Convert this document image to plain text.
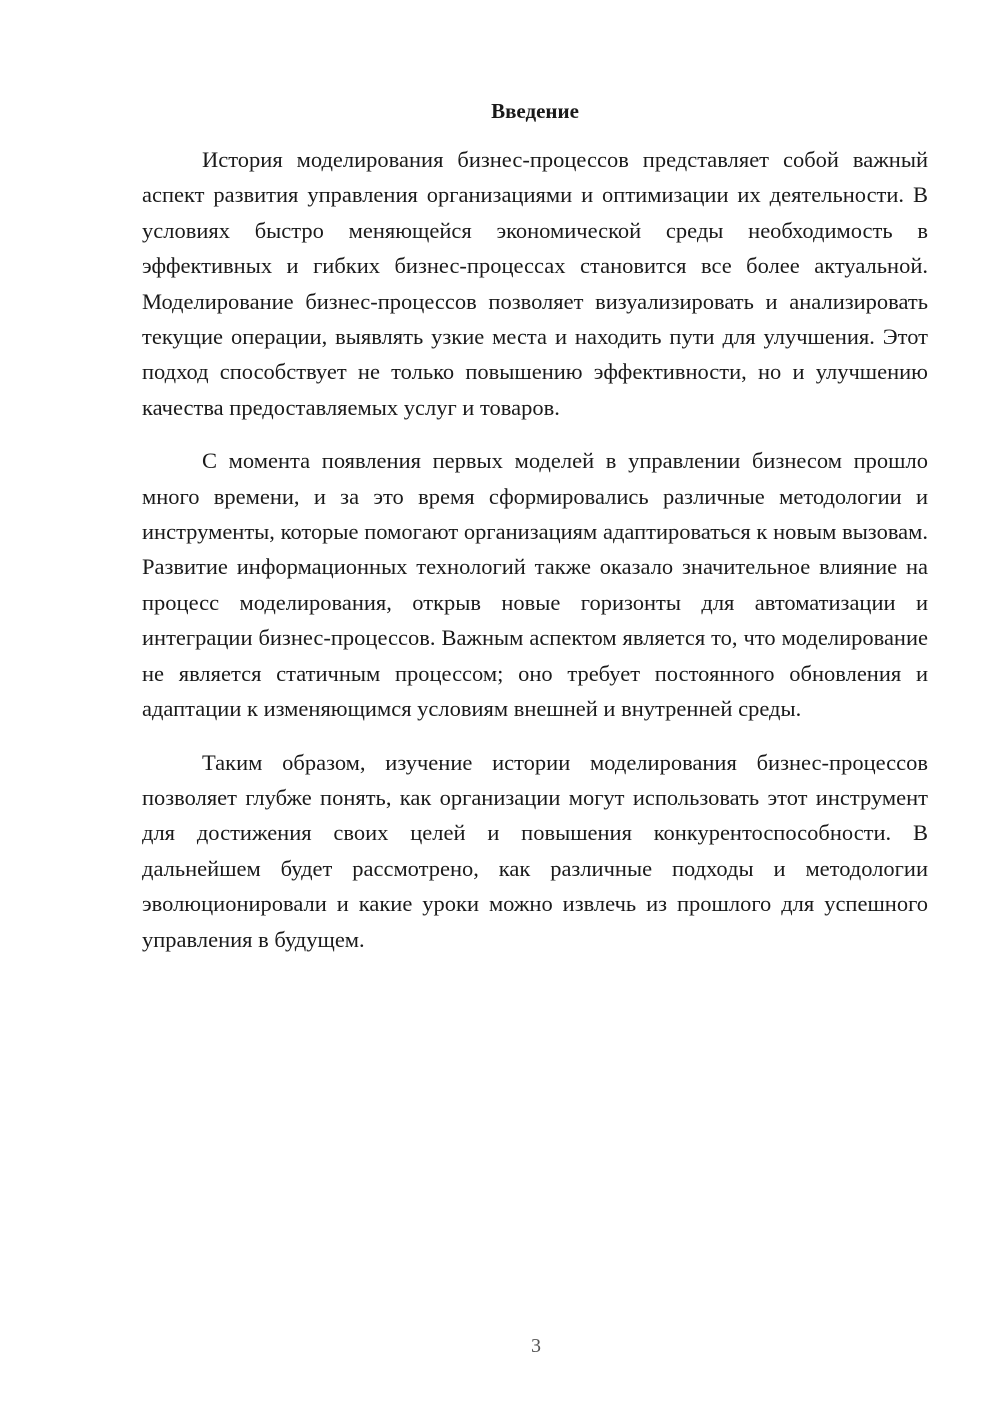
Введение

История моделирования бизнес-процессов представляет собой важный аспект развития управления организациями и оптимизации их деятельности. В условиях быстро меняющейся экономической среды необходимость в эффективных и гибких бизнес-процессах становится все более актуальной. Моделирование бизнес-процессов позволяет визуализировать и анализировать текущие операции, выявлять узкие места и находить пути для улучшения. Этот подход способствует не только повышению эффективности, но и улучшению качества предоставляемых услуг и товаров.

С момента появления первых моделей в управлении бизнесом прошло много времени, и за это время сформировались различные методологии и инструменты, которые помогают организациям адаптироваться к новым вызовам. Развитие информационных технологий также оказало значительное влияние на процесс моделирования, открыв новые горизонты для автоматизации и интеграции бизнес-процессов. Важным аспектом является то, что моделирование не является статичным процессом; оно требует постоянного обновления и адаптации к изменяющимся условиям внешней и внутренней среды.

Таким образом, изучение истории моделирования бизнес-процессов позволяет глубже понять, как организации могут использовать этот инструмент для достижения своих целей и повышения конкурентоспособности. В дальнейшем будет рассмотрено, как различные подходы и методологии эволюционировали и какие уроки можно извлечь из прошлого для успешного управления в будущем.

3
